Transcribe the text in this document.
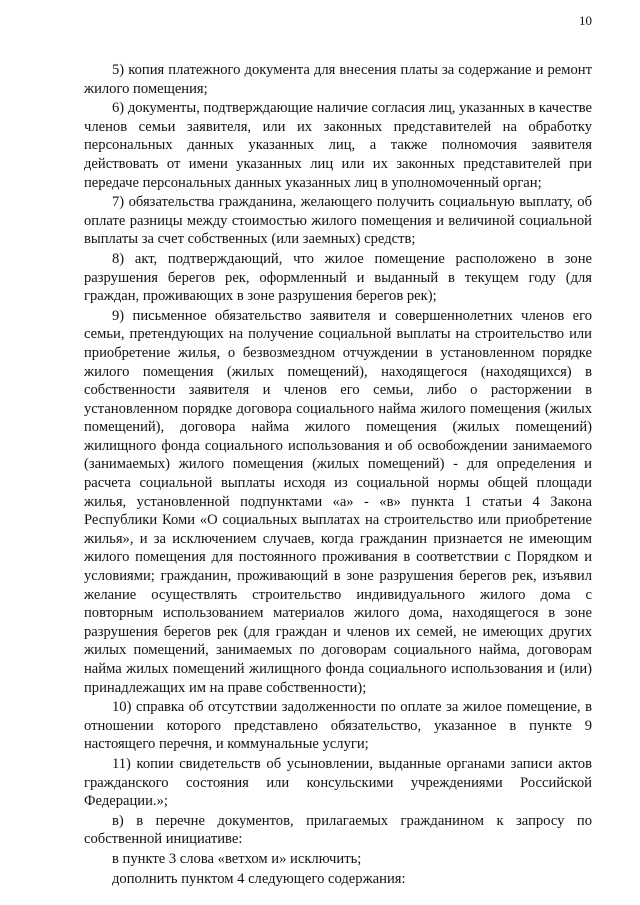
10

5) копия платежного документа для внесения платы за содержание и ремонт жилого помещения;

6) документы, подтверждающие наличие согласия лиц, указанных в качестве членов семьи заявителя, или их законных представителей на обработку персональных данных указанных лиц, а также полномочия заявителя действовать от имени указанных лиц или их законных представителей при передаче персональных данных указанных лиц в уполномоченный орган;

7) обязательства гражданина, желающего получить социальную выплату, об оплате разницы между стоимостью жилого помещения и величиной социальной выплаты за счет собственных (или заемных) средств;

8) акт, подтверждающий, что жилое помещение расположено в зоне разрушения берегов рек, оформленный и выданный в текущем году (для граждан, проживающих в зоне разрушения берегов рек);

9) письменное обязательство заявителя и совершеннолетних членов его семьи, претендующих на получение социальной выплаты на строительство или приобретение жилья, о безвозмездном отчуждении в установленном порядке жилого помещения (жилых помещений), находящегося (находящихся) в собственности заявителя и членов его семьи, либо о расторжении в установленном порядке договора социального найма жилого помещения (жилых помещений), договора найма жилого помещения (жилых помещений) жилищного фонда социального использования и об освобождении занимаемого (занимаемых) жилого помещения (жилых помещений) - для определения и расчета социальной выплаты исходя из социальной нормы общей площади жилья, установленной подпунктами «а» - «в» пункта 1 статьи 4 Закона Республики Коми «О социальных выплатах на строительство или приобретение жилья», и за исключением случаев, когда гражданин признается не имеющим жилого помещения для постоянного проживания в соответствии с Порядком и условиями; гражданин, проживающий в зоне разрушения берегов рек, изъявил желание осуществлять строительство индивидуального жилого дома с повторным использованием материалов жилого дома, находящегося в зоне разрушения берегов рек (для граждан и членов их семей, не имеющих других жилых помещений, занимаемых по договорам социального найма, договорам найма жилых помещений жилищного фонда социального использования и (или) принадлежащих им на праве собственности);

10) справка об отсутствии задолженности по оплате за жилое помещение, в отношении которого представлено обязательство, указанное в пункте 9 настоящего перечня, и коммунальные услуги;

11) копии свидетельств об усыновлении, выданные органами записи актов гражданского состояния или консульскими учреждениями Российской Федерации.»;

в) в перечне документов, прилагаемых гражданином к запросу по собственной инициативе:

в пункте 3 слова «ветхом и» исключить;

дополнить пунктом 4 следующего содержания:
